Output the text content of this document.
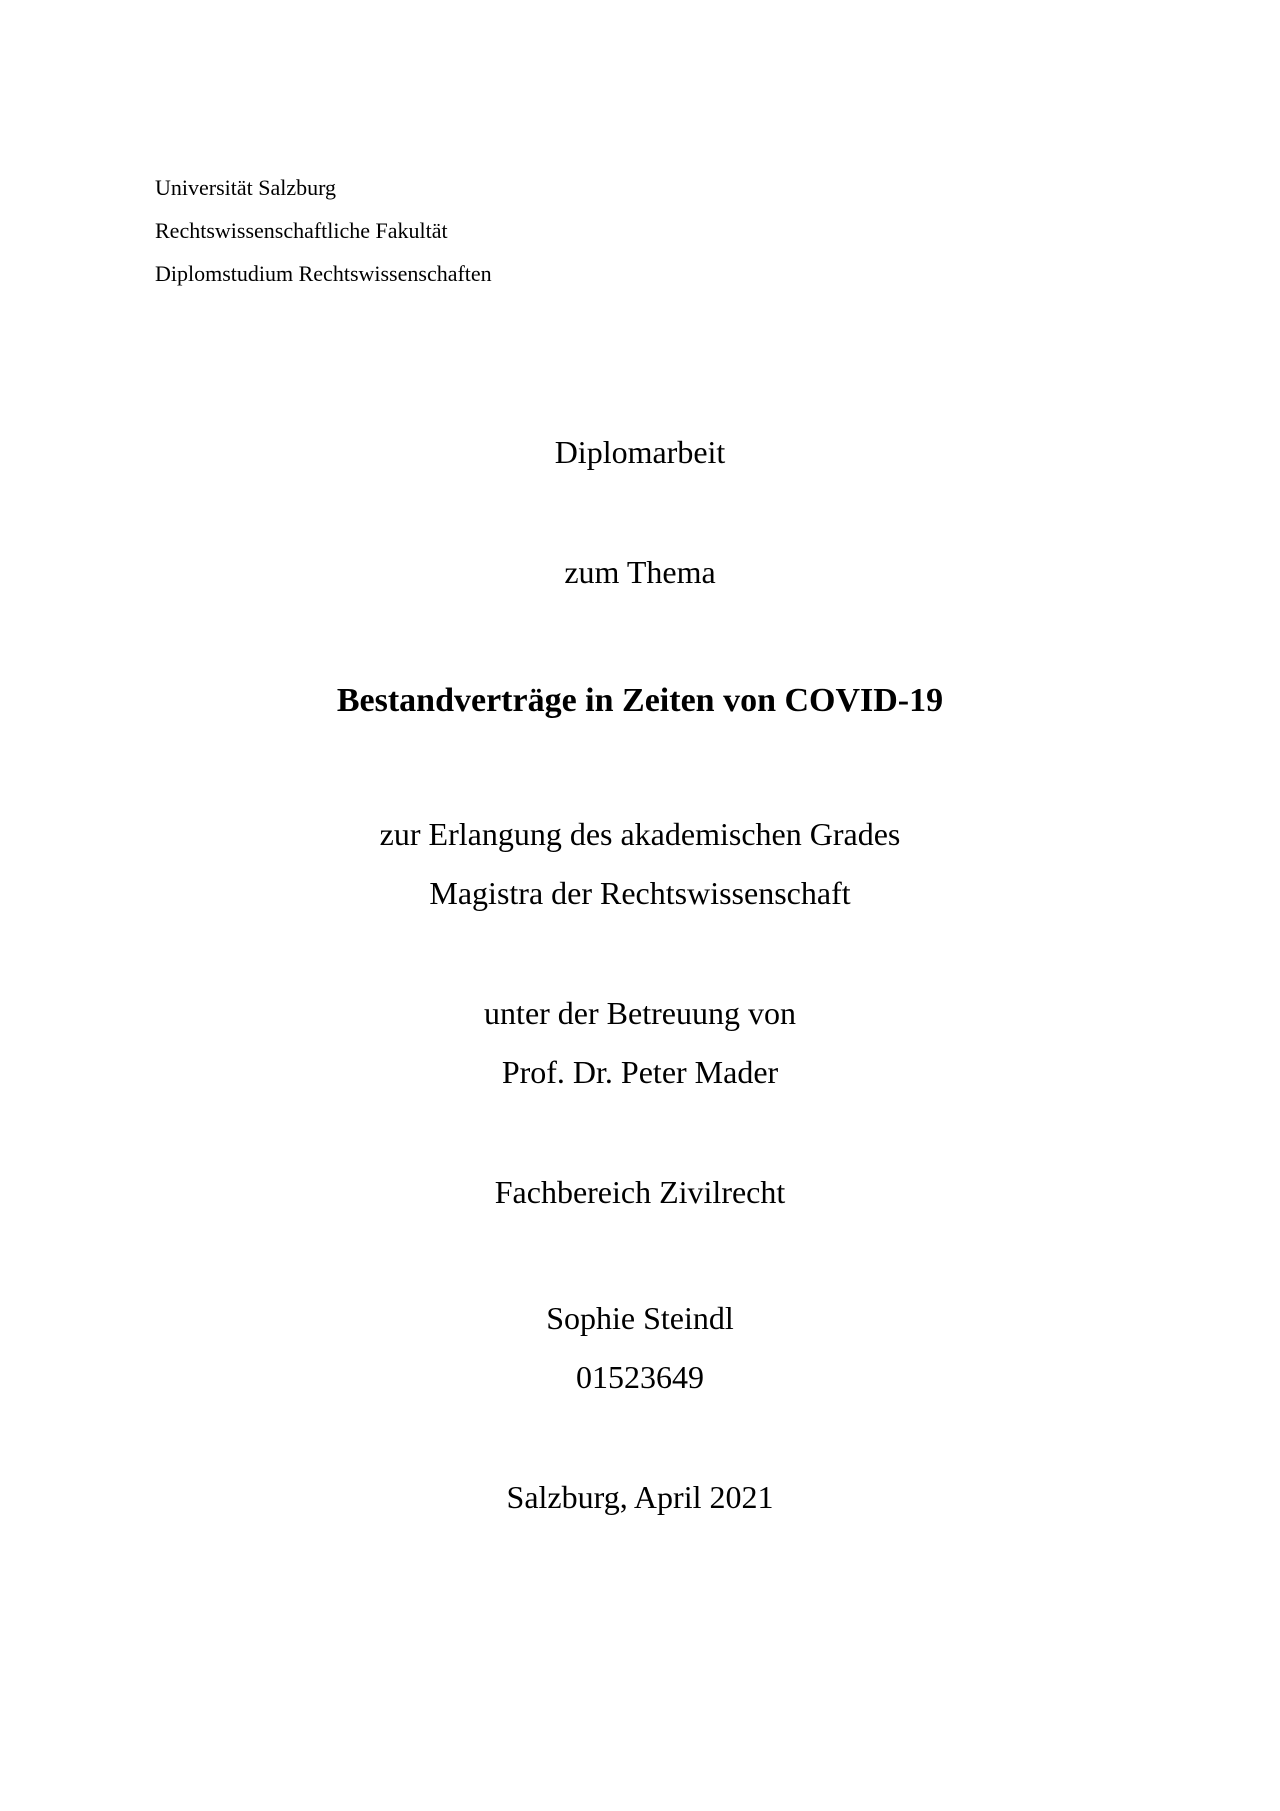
Universität Salzburg
Rechtswissenschaftliche Fakultät
Diplomstudium Rechtswissenschaften
Diplomarbeit
zum Thema
Bestandverträge in Zeiten von COVID-19
zur Erlangung des akademischen Grades
Magistra der Rechtswissenschaft
unter der Betreuung von
Prof. Dr. Peter Mader
Fachbereich Zivilrecht
Sophie Steindl
01523649
Salzburg, April 2021
